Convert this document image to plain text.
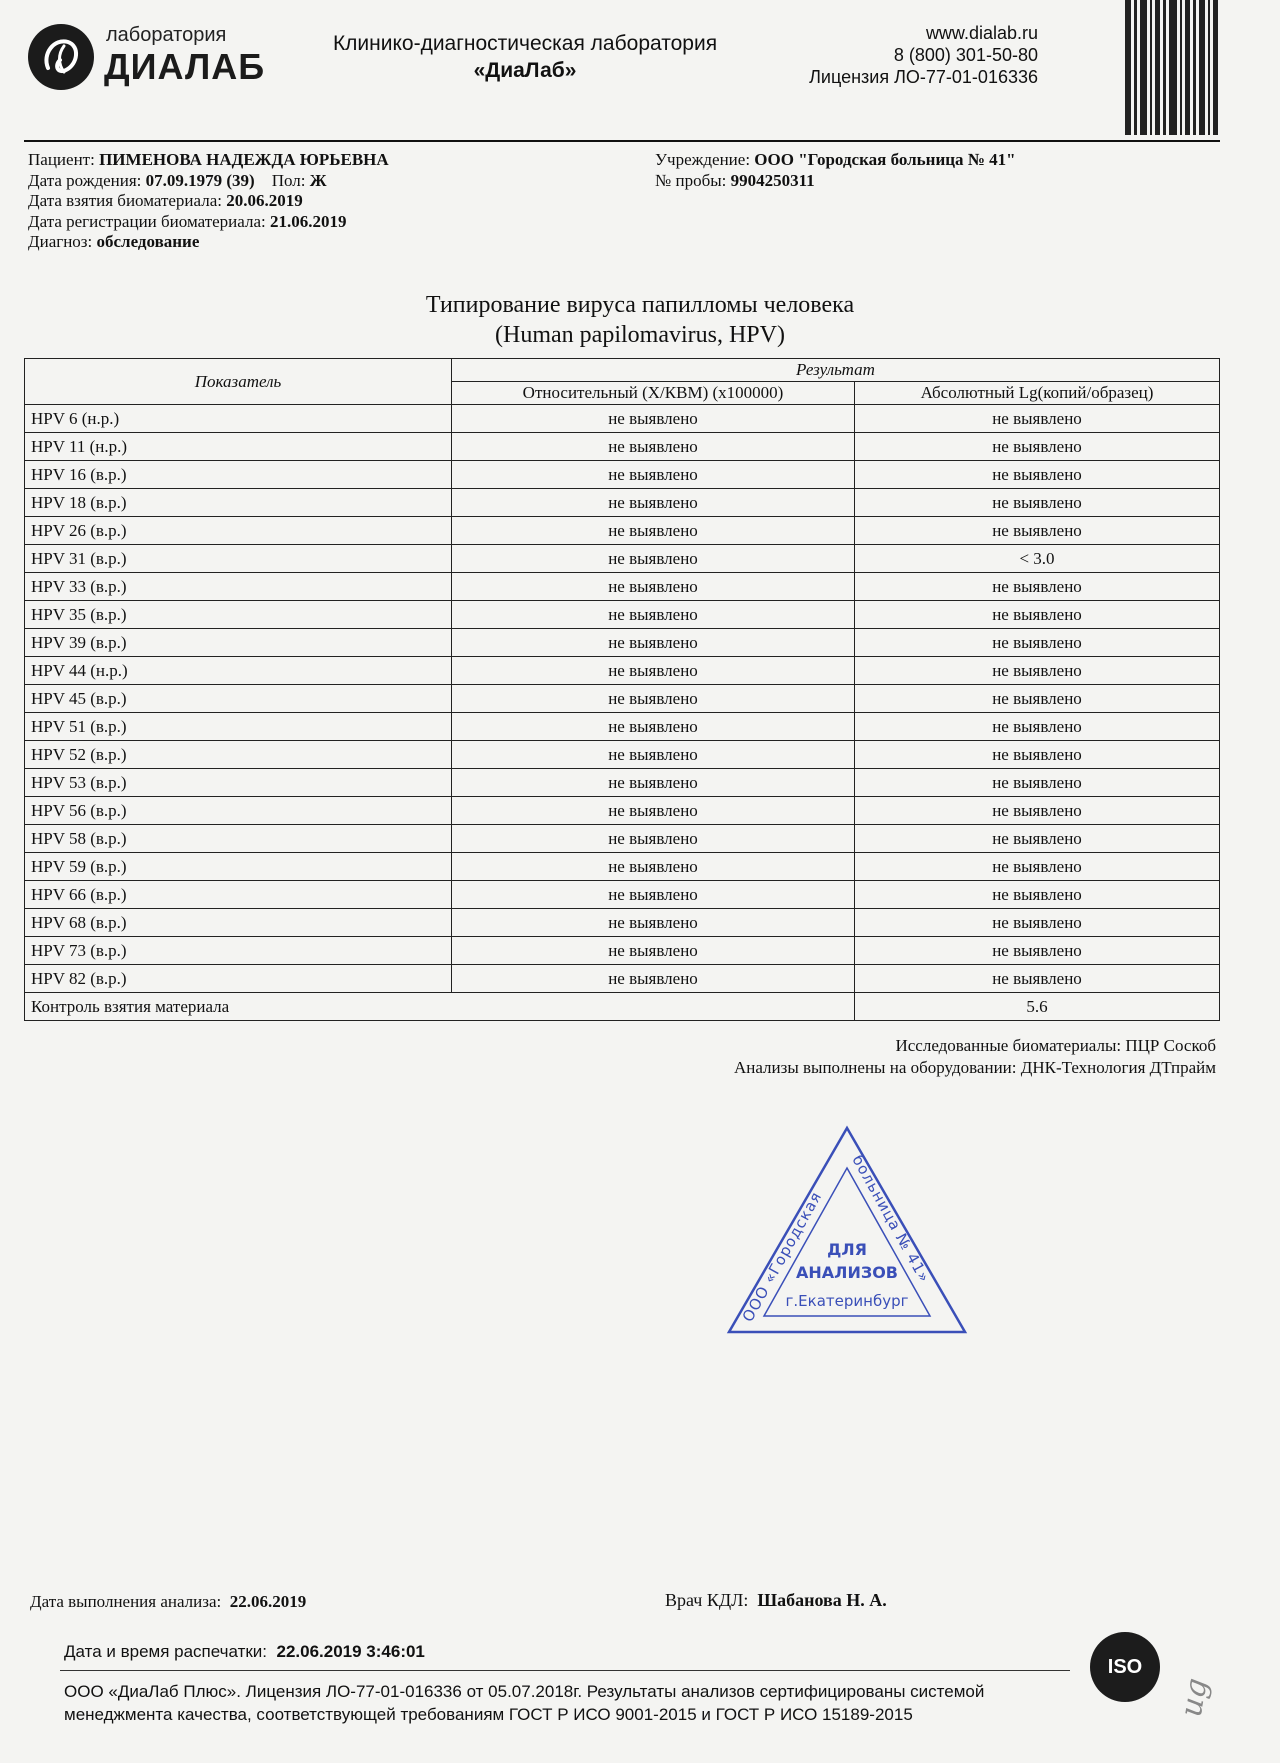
лаборатория
ДИАЛАБ
Клинико-диагностическая лаборатория
«ДиаЛаб»
www.dialab.ru
8 (800) 301-50-80
Лицензия ЛО-77-01-016336
Пациент: ПИМЕНОВА НАДЕЖДА ЮРЬЕВНА
Дата рождения: 07.09.1979 (39) Пол: Ж
Дата взятия биоматериала: 20.06.2019
Дата регистрации биоматериала: 21.06.2019
Диагноз: обследование
Учреждение: ООО "Городская больница № 41"
№ пробы: 9904250311
Типирование вируса папилломы человека
(Human papilomavirus, HPV)
Показатель	Результат	
	Относительный (X/КВМ) (x100000)	Абсолютный Lg(копий/образец)
HPV 6 (н.р.)	не выявлено	не выявлено
HPV 11 (н.р.)	не выявлено	не выявлено
HPV 16 (в.р.)	не выявлено	не выявлено
HPV 18 (в.р.)	не выявлено	не выявлено
HPV 26 (в.р.)	не выявлено	не выявлено
HPV 31 (в.р.)	не выявлено	< 3.0
HPV 33 (в.р.)	не выявлено	не выявлено
HPV 35 (в.р.)	не выявлено	не выявлено
HPV 39 (в.р.)	не выявлено	не выявлено
HPV 44 (н.р.)	не выявлено	не выявлено
HPV 45 (в.р.)	не выявлено	не выявлено
HPV 51 (в.р.)	не выявлено	не выявлено
HPV 52 (в.р.)	не выявлено	не выявлено
HPV 53 (в.р.)	не выявлено	не выявлено
HPV 56 (в.р.)	не выявлено	не выявлено
HPV 58 (в.р.)	не выявлено	не выявлено
HPV 59 (в.р.)	не выявлено	не выявлено
HPV 66 (в.р.)	не выявлено	не выявлено
HPV 68 (в.р.)	не выявлено	не выявлено
HPV 73 (в.р.)	не выявлено	не выявлено
HPV 82 (в.р.)	не выявлено	не выявлено
Контроль взятия материала		5.6
Исследованные биоматериалы: ПЦР Соскоб
Анализы выполнены на оборудовании: ДНК-Технология ДТпрайм
ООО «Городская
больница № 41»
ДЛЯ
АНАЛИЗОВ
г.Екатеринбург
Дата выполнения анализа: 22.06.2019	Врач КДЛ: Шабанова Н. А.
Дата и время распечатки: 22.06.2019 3:46:01
ООО «ДиаЛаб Плюс». Лицензия ЛО-77-01-016336 от 05.07.2018г. Результаты анализов сертифицированы системой менеджмента качества, соответствующей требованиям ГОСТ Р ИСО 9001-2015 и ГОСТ Р ИСО 15189-2015
ISO
ug
